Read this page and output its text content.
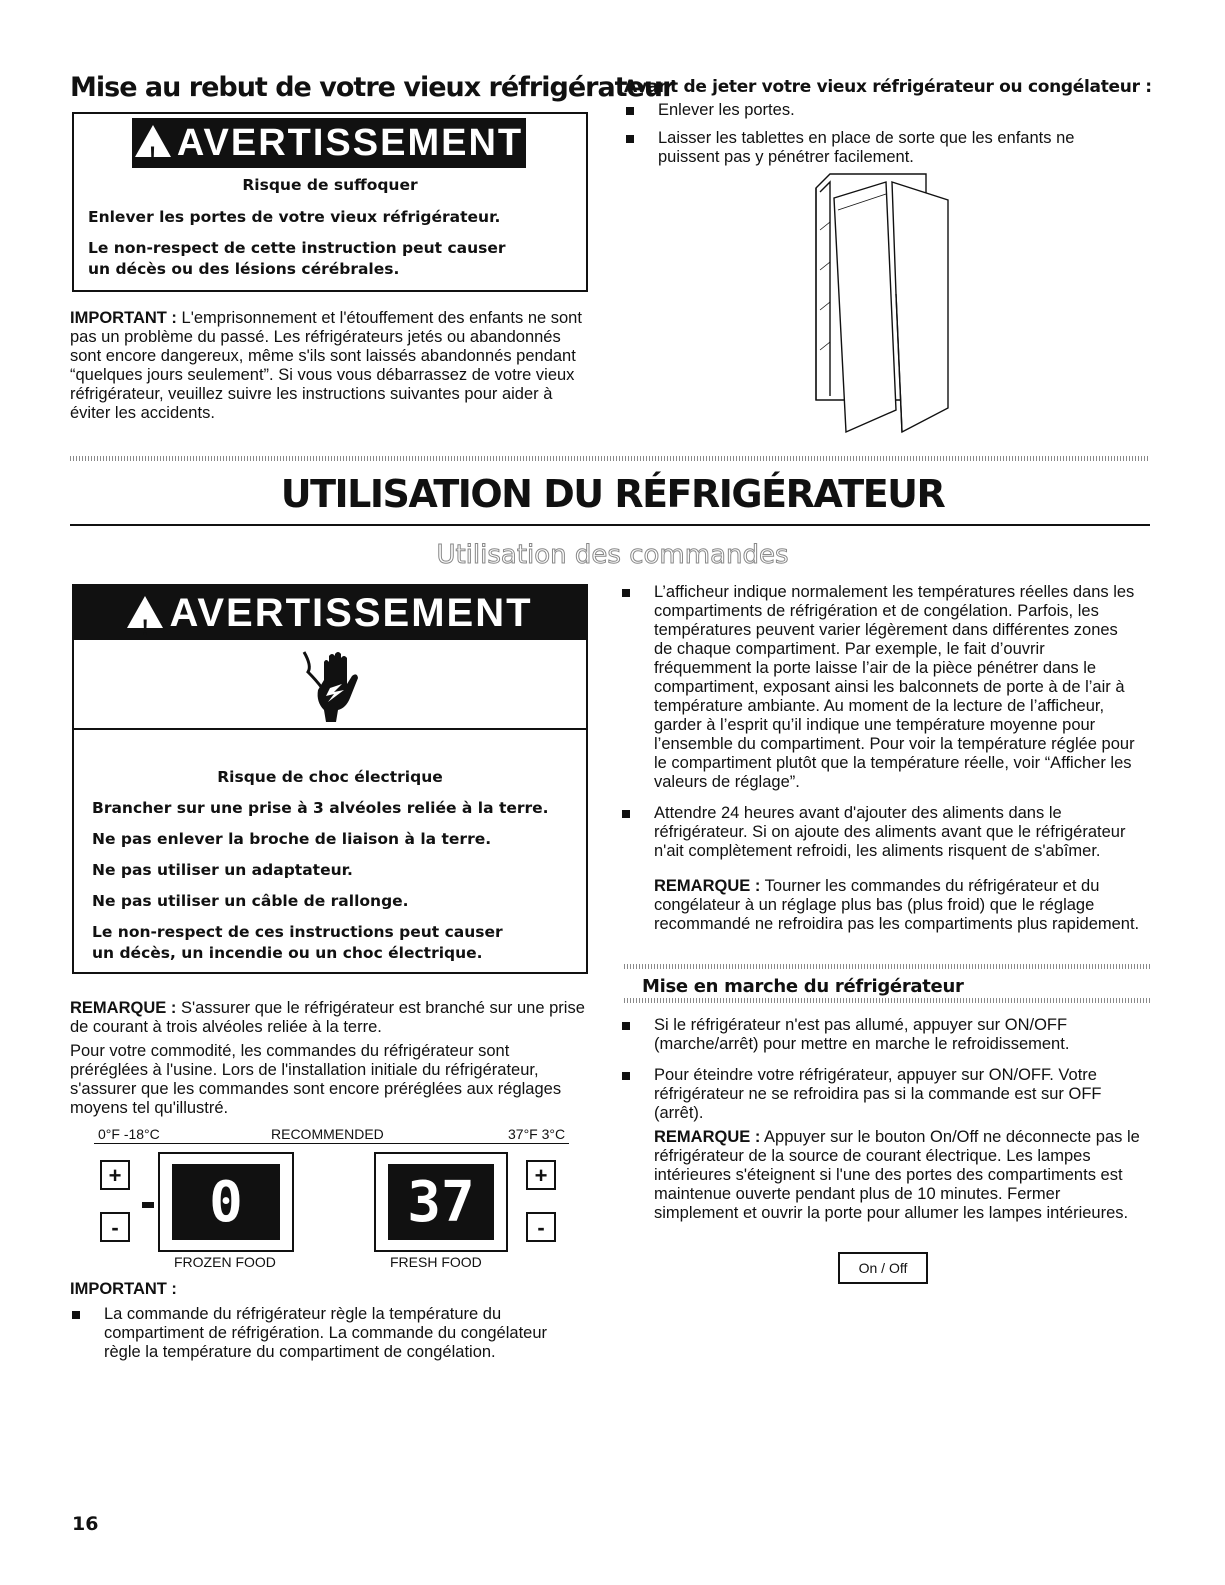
Mise au rebut de votre vieux réfrigérateur
!AVERTISSEMENT
Risque de suffoquer
Enlever les portes de votre vieux réfrigérateur.
Le non-respect de cette instruction peut causer
un décès ou des lésions cérébrales.
IMPORTANT : L'emprisonnement et l'étouffement des enfants ne sont pas un problème du passé. Les réfrigérateurs jetés ou abandonnés sont encore dangereux, même s'ils sont laissés abandonnés pendant “quelques jours seulement”. Si vous vous débarrassez de votre vieux réfrigérateur, veuillez suivre les instructions suivantes pour aider à éviter les accidents.
Avant de jeter votre vieux réfrigérateur ou congélateur :
Enlever les portes.
Laisser les tablettes en place de sorte que les enfants ne puissent pas y pénétrer facilement.
UTILISATION DU RÉFRIGÉRATEUR
Utilisation des commandes
!AVERTISSEMENT
Risque de choc électrique
Brancher sur une prise à 3 alvéoles reliée à la terre.
Ne pas enlever la broche de liaison à la terre.
Ne pas utiliser un adaptateur.
Ne pas utiliser un câble de rallonge.
Le non-respect de ces instructions peut causer
un décès, un incendie ou un choc électrique.
REMARQUE : S'assurer que le réfrigérateur est branché sur une prise de courant à trois alvéoles reliée à la terre.
Pour votre commodité, les commandes du réfrigérateur sont préréglées à l'usine. Lors de l'installation initiale du réfrigérateur, s'assurer que les commandes sont encore préréglées aux réglages moyens tel qu'illustré.
0°F -18°C	RECOMMENDED	37°F 3°C
+
-	0	37	+
-
FROZEN FOOD	FRESH FOOD
IMPORTANT :
La commande du réfrigérateur règle la température du compartiment de réfrigération. La commande du congélateur règle la température du compartiment de congélation.
L’afficheur indique normalement les températures réelles dans les compartiments de réfrigération et de congélation. Parfois, les températures peuvent varier légèrement dans différentes zones de chaque compartiment. Par exemple, le fait d’ouvrir fréquemment la porte laisse l’air de la pièce pénétrer dans le compartiment, exposant ainsi les balconnets de porte à de l’air à température ambiante. Au moment de la lecture de l’afficheur, garder à l’esprit qu’il indique une température moyenne pour l’ensemble du compartiment. Pour voir la température réglée pour le compartiment plutôt que la température réelle, voir “Afficher les valeurs de réglage”.
Attendre 24 heures avant d'ajouter des aliments dans le réfrigérateur. Si on ajoute des aliments avant que le réfrigérateur n'ait complètement refroidi, les aliments risquent de s'abîmer.
REMARQUE : Tourner les commandes du réfrigérateur et du congélateur à un réglage plus bas (plus froid) que le réglage recommandé ne refroidira pas les compartiments plus rapidement.
Mise en marche du réfrigérateur
Si le réfrigérateur n'est pas allumé, appuyer sur ON/OFF (marche/arrêt) pour mettre en marche le refroidissement.
Pour éteindre votre réfrigérateur, appuyer sur ON/OFF. Votre réfrigérateur ne se refroidira pas si la commande est sur OFF (arrêt).
REMARQUE : Appuyer sur le bouton On/Off ne déconnecte pas le réfrigérateur de la source de courant électrique. Les lampes intérieures s'éteignent si l'une des portes des compartiments est maintenue ouverte pendant plus de 10 minutes. Fermer simplement et ouvrir la porte pour allumer les lampes intérieures.
On / Off
16
